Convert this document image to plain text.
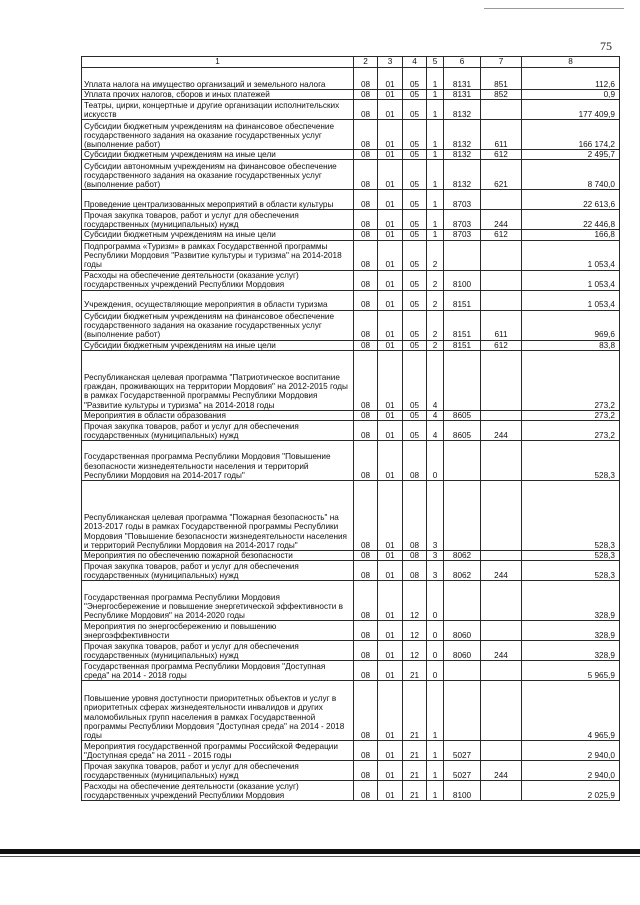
75
1	2	3	4	5	6	7	8
Уплата налога на имущество организаций и земельного налога	08	01	05	1	8131	851	112,6
Уплата прочих налогов, сборов и иных платежей	08	01	05	1	8131	852	0,9
Театры, цирки, концертные и другие организации исполнительских искусств	08	01	05	1	8132		177 409,9
Субсидии бюджетным учреждениям на финансовое обеспечение государственного задания на оказание государственных услуг (выполнение работ)	08	01	05	1	8132	611	166 174,2
Субсидии бюджетным учреждениям на иные цели	08	01	05	1	8132	612	2 495,7
Субсидии автономным учреждениям на финансовое обеспечение государственного задания на оказание государственных услуг (выполнение работ)	08	01	05	1	8132	621	8 740,0
Проведение централизованных мероприятий в области культуры	08	01	05	1	8703		22 613,6
Прочая закупка товаров, работ и услуг для обеспечения государственных (муниципальных) нужд	08	01	05	1	8703	244	22 446,8
Субсидии бюджетным учреждениям на иные цели	08	01	05	1	8703	612	166,8
Подпрограмма «Туризм» в рамках Государственной программы Республики Мордовия "Развитие культуры и туризма" на 2014-2018 годы	08	01	05	2			1 053,4
Расходы на обеспечение деятельности (оказание услуг) государственных учреждений Республики Мордовия	08	01	05	2	8100		1 053,4
Учреждения, осуществляющие мероприятия в области туризма	08	01	05	2	8151		1 053,4
Субсидии бюджетным учреждениям на финансовое обеспечение государственного задания на оказание государственных услуг (выполнение работ)	08	01	05	2	8151	611	969,6
Субсидии бюджетным учреждениям на иные цели	08	01	05	2	8151	612	83,8
Республиканская целевая программа "Патриотическое воспитание граждан, проживающих на территории Мордовия" на 2012-2015 годы в рамках Государственной программы Республики Мордовия "Развитие культуры и туризма" на 2014-2018 годы	08	01	05	4			273,2
Мероприятия в области образования	08	01	05	4	8605		273,2
Прочая закупка товаров, работ и услуг для обеспечения государственных (муниципальных) нужд	08	01	05	4	8605	244	273,2
Государственная программа Республики Мордовия "Повышение безопасности жизнедеятельности населения и территорий Республики Мордовия на 2014-2017 годы"	08	01	08	0			528,3
Республиканская целевая программа "Пожарная безопасность" на 2013-2017 годы в рамках Государственной программы Республики Мордовия "Повышение безопасности жизнедеятельности населения и территорий Республики Мордовия на 2014-2017 годы"	08	01	08	3			528,3
Мероприятия по обеспечению пожарной безопасности	08	01	08	3	8062		528,3
Прочая закупка товаров, работ и услуг для обеспечения государственных (муниципальных) нужд	08	01	08	3	8062	244	528,3
Государственная программа Республики Мордовия "Энергосбережение и повышение энергетической эффективности в Республике Мордовия" на 2014-2020 годы	08	01	12	0			328,9
Мероприятия по энергосбережению и повышению энергоэффективности	08	01	12	0	8060		328,9
Прочая закупка товаров, работ и услуг для обеспечения государственных (муниципальных) нужд	08	01	12	0	8060	244	328,9
Государственная программа Республики Мордовия "Доступная среда" на 2014 - 2018 годы	08	01	21	0			5 965,9
Повышение уровня доступности приоритетных объектов и услуг в приоритетных сферах жизнедеятельности инвалидов и других маломобильных групп населения в рамках Государственной программы Республики Мордовия "Доступная среда" на 2014 - 2018 годы	08	01	21	1			4 965,9
Мероприятия государственной программы Российской Федерации "Доступная среда" на 2011 - 2015 годы	08	01	21	1	5027		2 940,0
Прочая закупка товаров, работ и услуг для обеспечения государственных (муниципальных) нужд	08	01	21	1	5027	244	2 940,0
Расходы на обеспечение деятельности (оказание услуг) государственных учреждений Республики Мордовия	08	01	21	1	8100		2 025,9
